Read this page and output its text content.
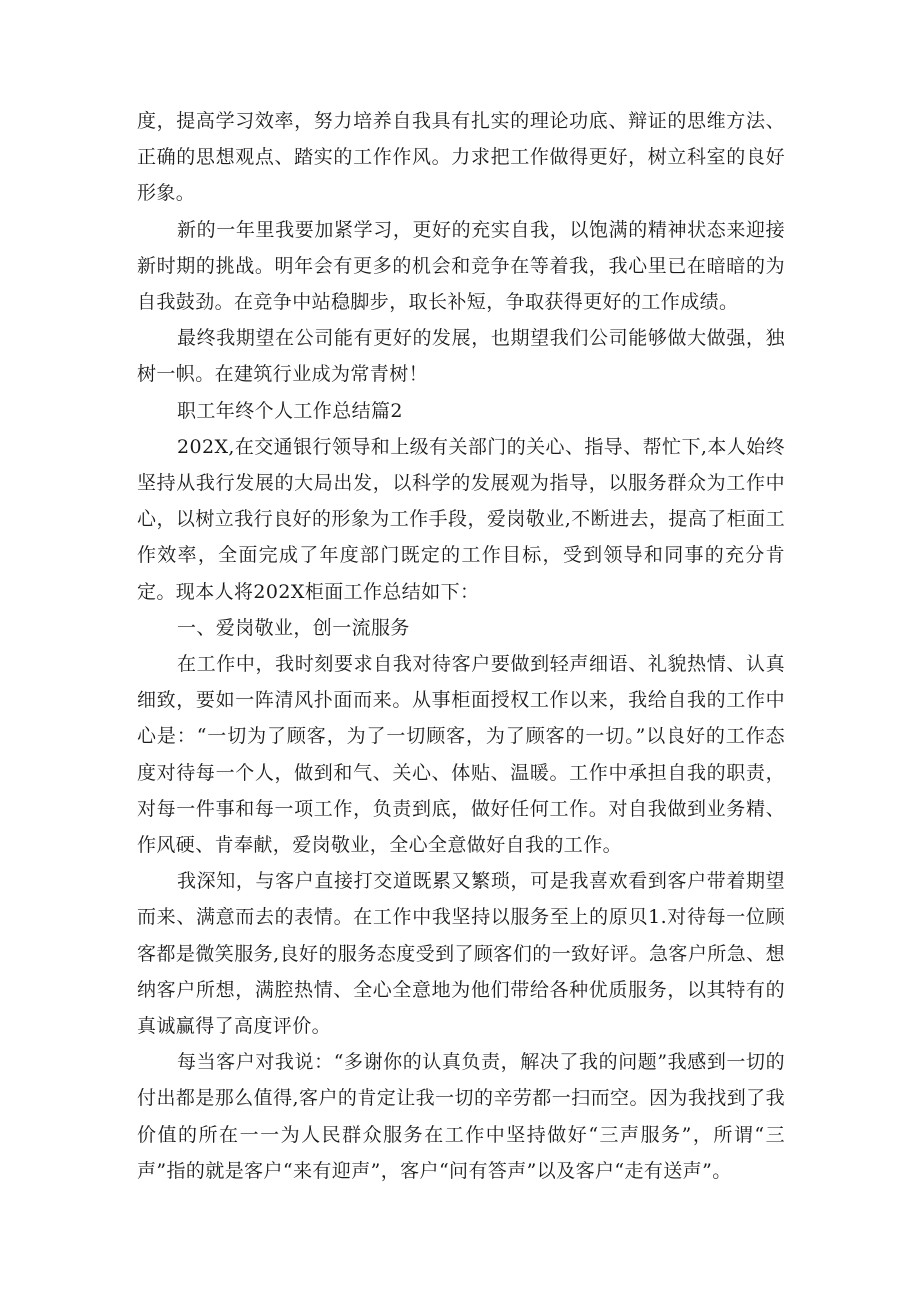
度，提高学习效率，努力培养自我具有扎实的理论功底、辩证的思维方法、正确的思想观点、踏实的工作作风。力求把工作做得更好，树立科室的良好形象。

新的一年里我要加紧学习，更好的充实自我，以饱满的精神状态来迎接新时期的挑战。明年会有更多的机会和竞争在等着我，我心里已在暗暗的为自我鼓劲。在竞争中站稳脚步，取长补短，争取获得更好的工作成绩。

最终我期望在公司能有更好的发展，也期望我们公司能够做大做强，独树一帜。在建筑行业成为常青树！

职工年终个人工作总结篇2

202X,在交通银行领导和上级有关部门的关心、指导、帮忙下,本人始终坚持从我行发展的大局出发，以科学的发展观为指导，以服务群众为工作中心，以树立我行良好的形象为工作手段，爱岗敬业,不断进去，提高了柜面工作效率，全面完成了年度部门既定的工作目标，受到领导和同事的充分肯定。现本人将202X柜面工作总结如下：

一、爱岗敬业，创一流服务

在工作中，我时刻要求自我对待客户要做到轻声细语、礼貌热情、认真细致，要如一阵清风扑面而来。从事柜面授权工作以来，我给自我的工作中心是：“一切为了顾客，为了一切顾客，为了顾客的一切。”以良好的工作态度对待每一个人，做到和气、关心、体贴、温暖。工作中承担自我的职责，对每一件事和每一项工作，负责到底，做好任何工作。对自我做到业务精、作风硬、肯奉献，爱岗敬业，全心全意做好自我的工作。

我深知，与客户直接打交道既累又繁琐，可是我喜欢看到客户带着期望而来、满意而去的表情。在工作中我坚持以服务至上的原贝1.对待每一位顾客都是微笑服务,良好的服务态度受到了顾客们的一致好评。急客户所急、想纳客户所想，满腔热情、全心全意地为他们带给各种优质服务，以其特有的真诚赢得了高度评价。

每当客户对我说：“多谢你的认真负责，解决了我的问题”我感到一切的付出都是那么值得,客户的肯定让我一切的辛劳都一扫而空。因为我找到了我价值的所在一一为人民群众服务在工作中坚持做好“三声服务”，所谓“三声”指的就是客户“来有迎声”，客户“问有答声”以及客户“走有送声”。
